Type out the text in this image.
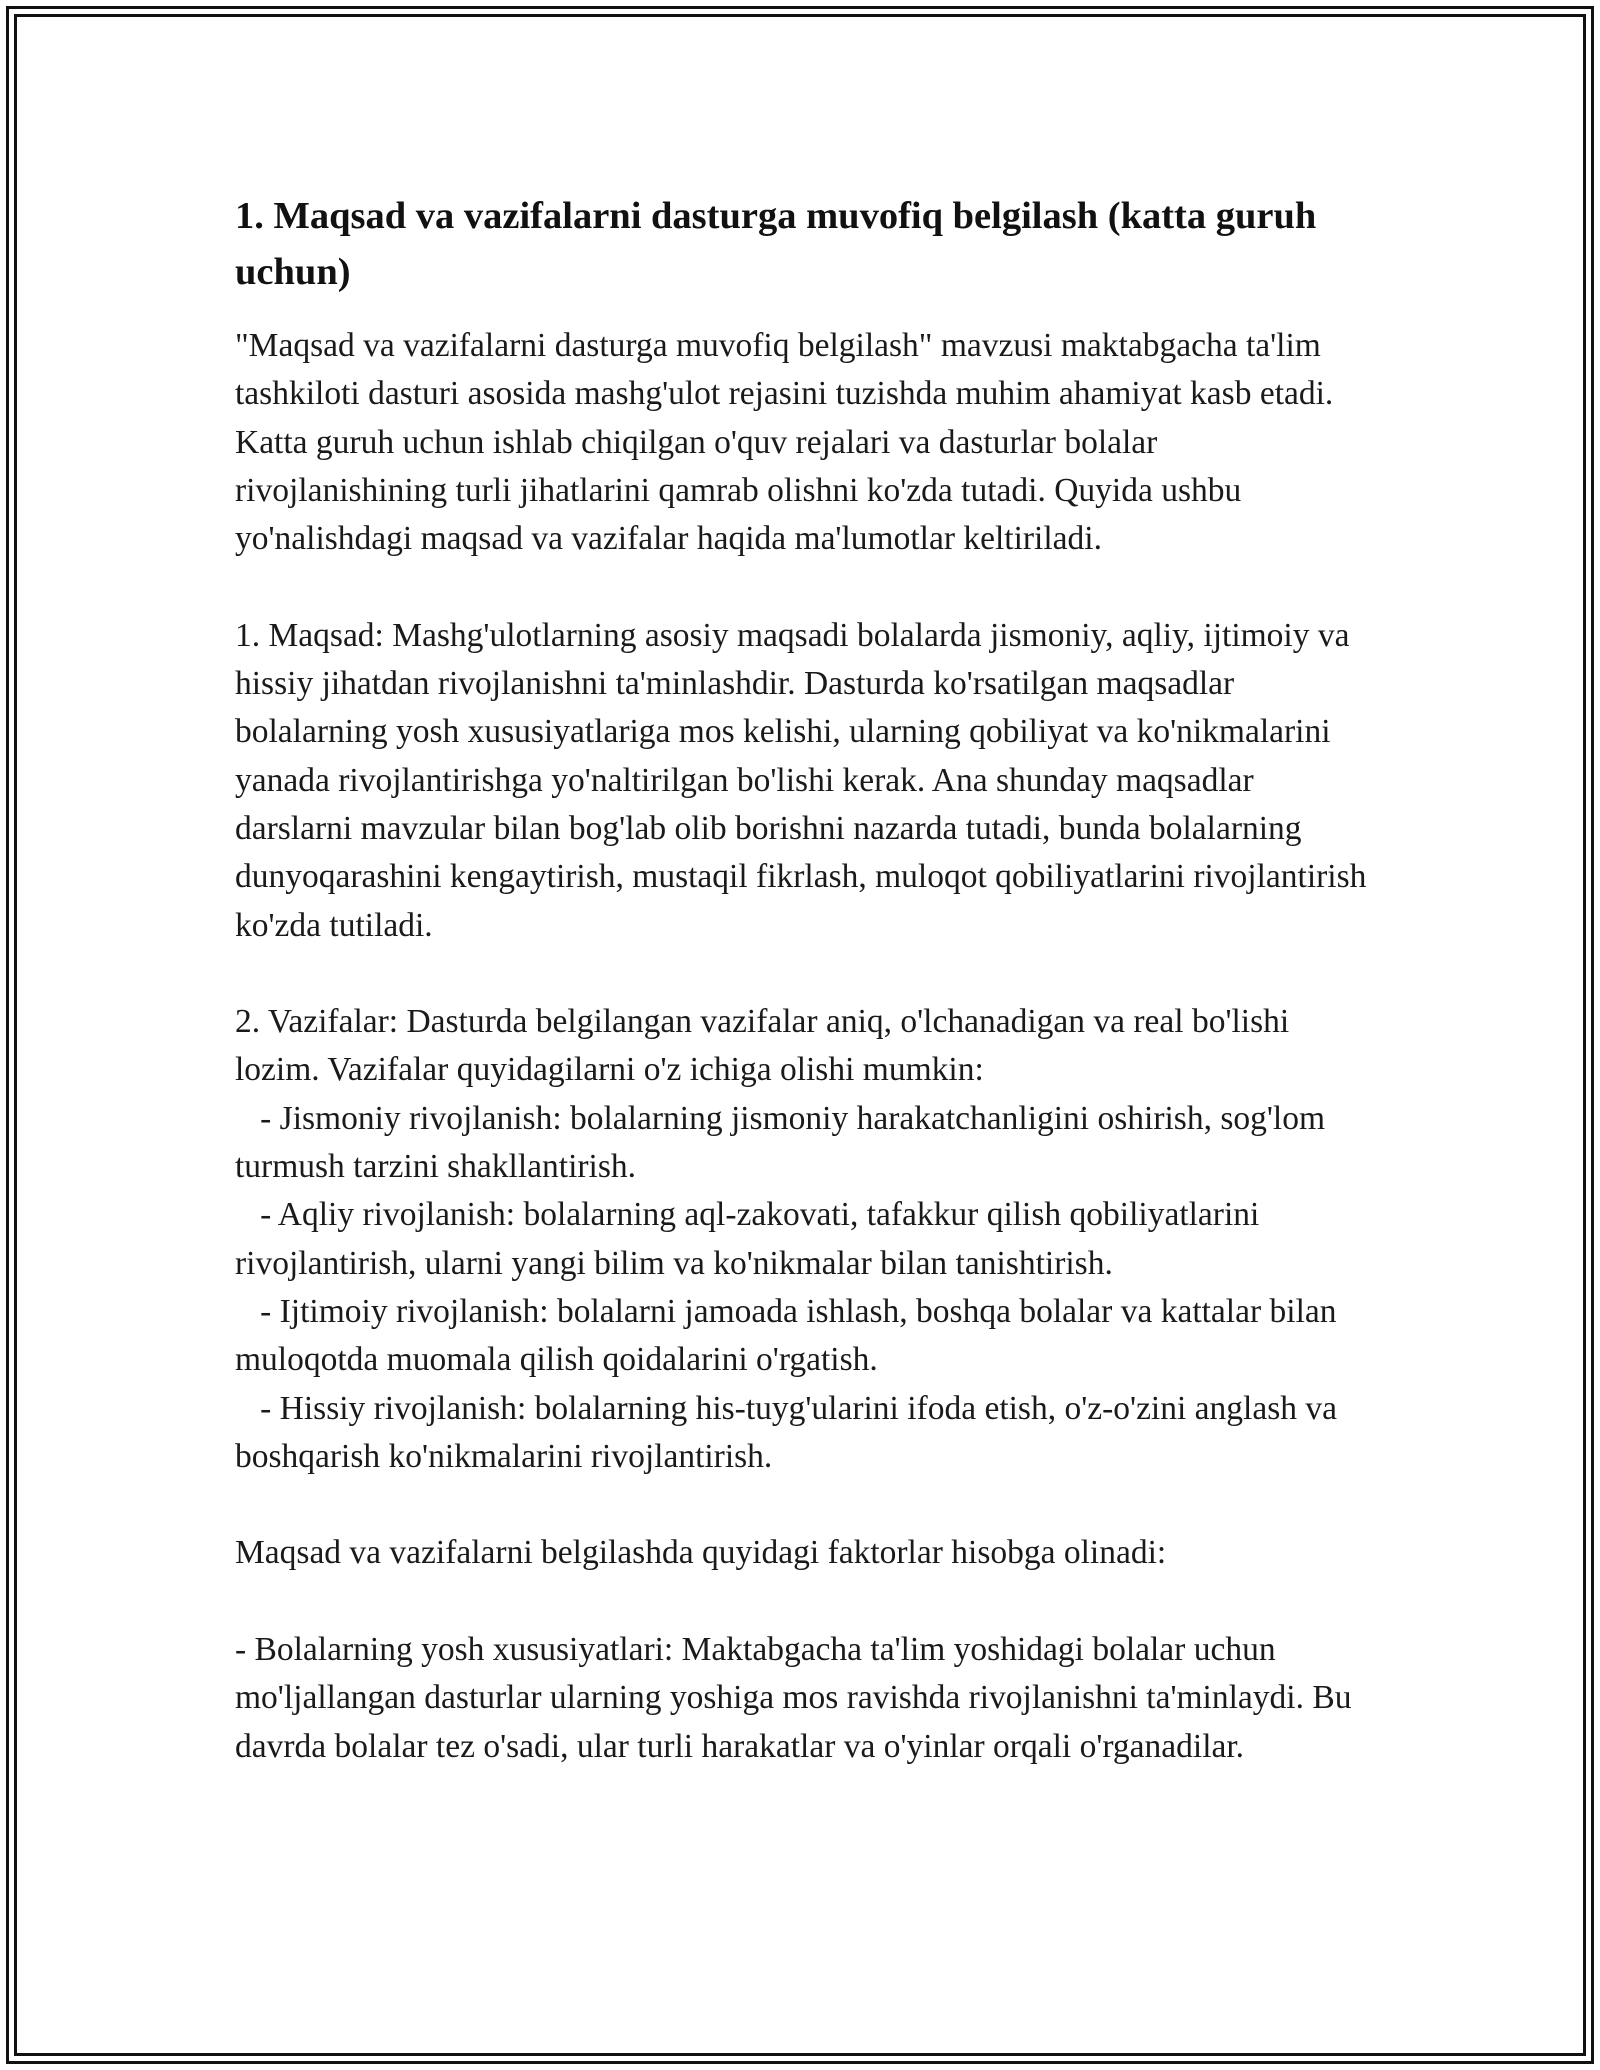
1. Maqsad va vazifalarni dasturga muvofiq belgilash (katta guruh uchun)

"Maqsad va vazifalarni dasturga muvofiq belgilash" mavzusi maktabgacha ta'lim tashkiloti dasturi asosida mashg'ulot rejasini tuzishda muhim ahamiyat kasb etadi. Katta guruh uchun ishlab chiqilgan o'quv rejalari va dasturlar bolalar rivojlanishining turli jihatlarini qamrab olishni ko'zda tutadi. Quyida ushbu yo'nalishdagi maqsad va vazifalar haqida ma'lumotlar keltiriladi.

1. Maqsad: Mashg'ulotlarning asosiy maqsadi bolalarda jismoniy, aqliy, ijtimoiy va hissiy jihatdan rivojlanishni ta'minlashdir. Dasturda ko'rsatilgan maqsadlar bolalarning yosh xususiyatlariga mos kelishi, ularning qobiliyat va ko'nikmalarini yanada rivojlantirishga yo'naltirilgan bo'lishi kerak. Ana shunday maqsadlar darslarni mavzular bilan bog'lab olib borishni nazarda tutadi, bunda bolalarning dunyoqarashini kengaytirish, mustaqil fikrlash, muloqot qobiliyatlarini rivojlantirish ko'zda tutiladi.

2. Vazifalar: Dasturda belgilangan vazifalar aniq, o'lchanadigan va real bo'lishi lozim. Vazifalar quyidagilarni o'z ichiga olishi mumkin:
- Jismoniy rivojlanish: bolalarning jismoniy harakatchanligini oshirish, sog'lom turmush tarzini shakllantirish.
- Aqliy rivojlanish: bolalarning aql-zakovati, tafakkur qilish qobiliyatlarini rivojlantirish, ularni yangi bilim va ko'nikmalar bilan tanishtirish.
- Ijtimoiy rivojlanish: bolalarni jamoada ishlash, boshqa bolalar va kattalar bilan muloqotda muomala qilish qoidalarini o'rgatish.
- Hissiy rivojlanish: bolalarning his-tuyg'ularini ifoda etish, o'z-o'zini anglash va boshqarish ko'nikmalarini rivojlantirish.

Maqsad va vazifalarni belgilashda quyidagi faktorlar hisobga olinadi:

- Bolalarning yosh xususiyatlari: Maktabgacha ta'lim yoshidagi bolalar uchun mo'ljallangan dasturlar ularning yoshiga mos ravishda rivojlanishni ta'minlaydi. Bu davrda bolalar tez o'sadi, ular turli harakatlar va o'yinlar orqali o'rganadilar.
